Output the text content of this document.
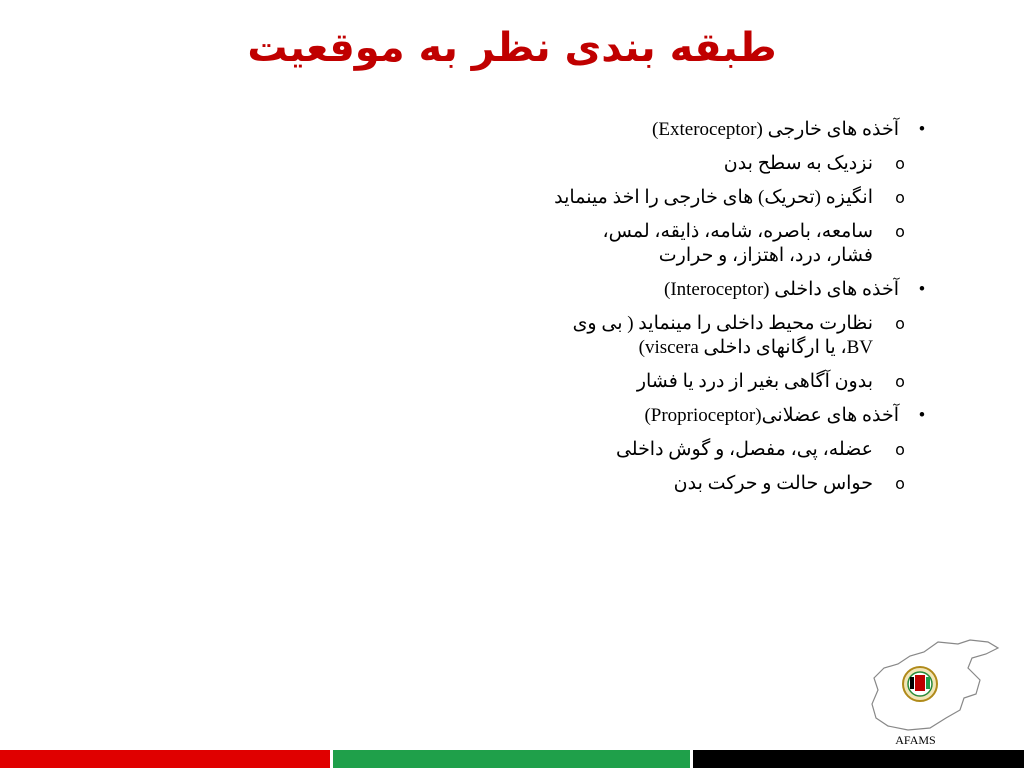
طبقه بندی نظر به موقعیت
•
آخذه های خارجی (Exteroceptor)
o
نزدیک به سطح بدن
o
انگیزه (تحریک) های خارجی را اخذ مینماید
o
سامعه، باصره، شامه، ذایقه، لمس، فشار، درد، اهتزاز، و حرارت
•
آخذه های داخلی (Interoceptor)
o
نظارت محیط داخلی را مینماید ( بی وی BV، یا ارگانهای داخلی viscera)
o
بدون آگاهی بغیر از درد یا فشار
•
آخذه های عضلانی(Proprioceptor)
o
عضله، پی، مفصل، و گوش داخلی
o
حواس حالت و حرکت بدن
AFAMS
